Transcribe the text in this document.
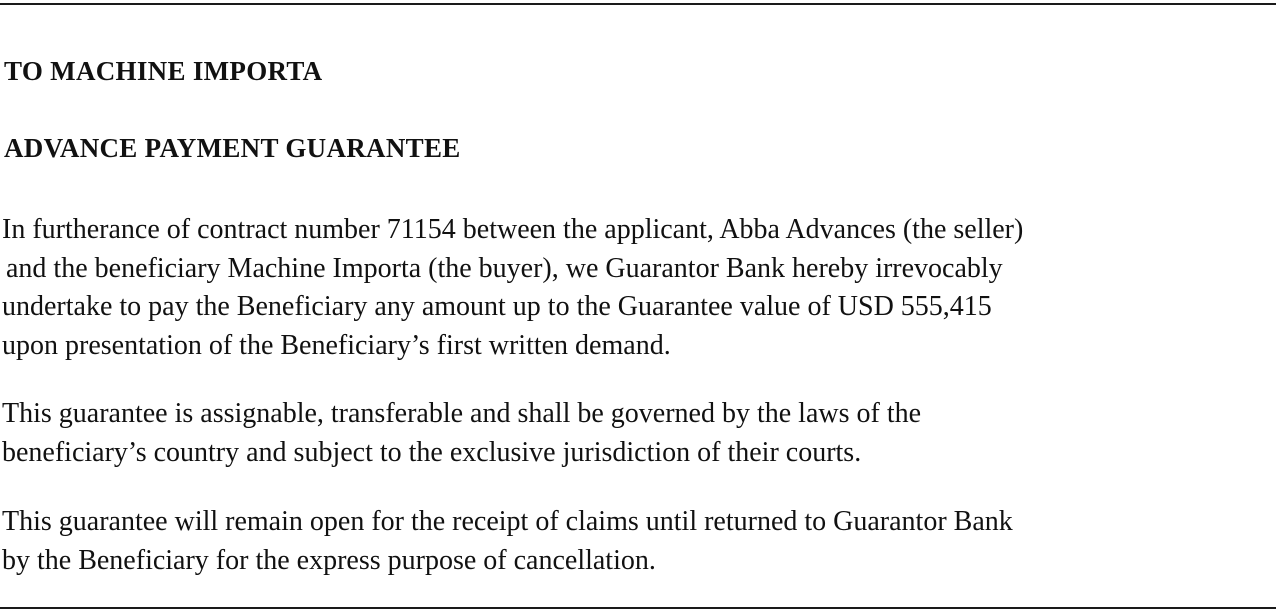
TO MACHINE IMPORTA
ADVANCE PAYMENT GUARANTEE

In furtherance of contract number 71154 between the applicant, Abba Advances (the seller)
and the beneficiary Machine Importa (the buyer), we Guarantor Bank hereby irrevocably
undertake to pay the Beneficiary any amount up to the Guarantee value of USD 555,415
upon presentation of the Beneficiary’s first written demand.

This guarantee is assignable, transferable and shall be governed by the laws of the
beneficiary’s country and subject to the exclusive jurisdiction of their courts.

This guarantee will remain open for the receipt of claims until returned to Guarantor Bank
by the Beneficiary for the express purpose of cancellation.
